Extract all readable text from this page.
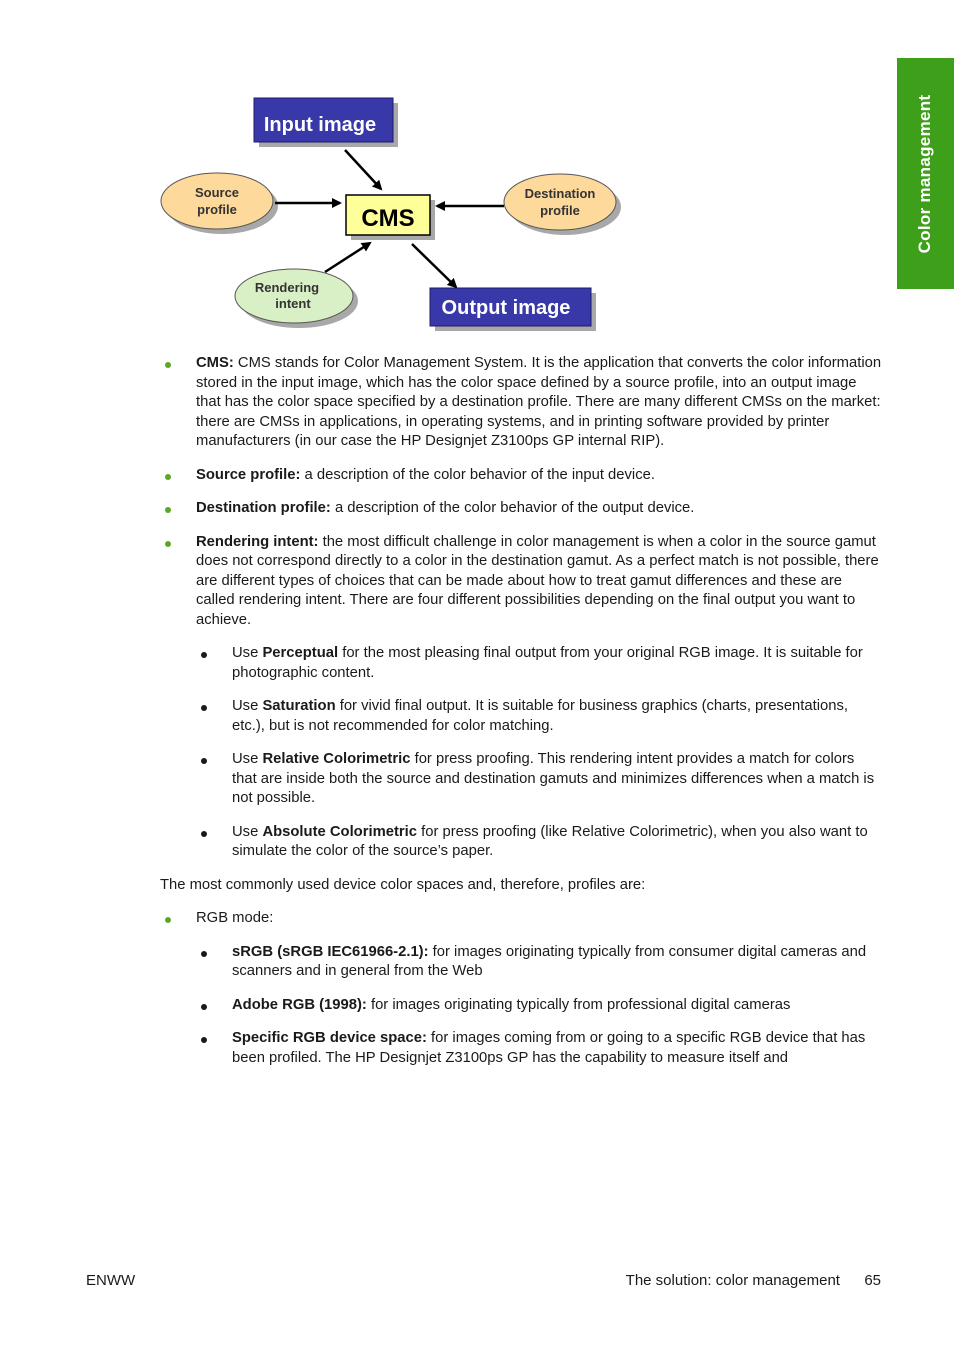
Color management
Input image
Output image
CMS
Source
profile
Destination
profile
Rendering
intent
CMS: CMS stands for Color Management System. It is the application that converts the color information stored in the input image, which has the color space defined by a source profile, into an output image that has the color space specified by a destination profile. There are many different CMSs on the market: there are CMSs in applications, in operating systems, and in printing software provided by printer manufacturers (in our case the HP Designjet Z3100ps GP internal RIP).
Source profile: a description of the color behavior of the input device.
Destination profile: a description of the color behavior of the output device.
Rendering intent: the most difficult challenge in color management is when a color in the source gamut does not correspond directly to a color in the destination gamut. As a perfect match is not possible, there are different types of choices that can be made about how to treat gamut differences and these are called rendering intent. There are four different possibilities depending on the final output you want to achieve.
Use Perceptual for the most pleasing final output from your original RGB image. It is suitable for photographic content.
Use Saturation for vivid final output. It is suitable for business graphics (charts, presentations, etc.), but is not recommended for color matching.
Use Relative Colorimetric for press proofing. This rendering intent provides a match for colors that are inside both the source and destination gamuts and minimizes differences when a match is not possible.
Use Absolute Colorimetric for press proofing (like Relative Colorimetric), when you also want to simulate the color of the source’s paper.

The most commonly used device color spaces and, therefore, profiles are:

RGB mode:
sRGB (sRGB IEC61966-2.1): for images originating typically from consumer digital cameras and scanners and in general from the Web
Adobe RGB (1998): for images originating typically from professional digital cameras
Specific RGB device space: for images coming from or going to a specific RGB device that has been profiled. The HP Designjet Z3100ps GP has the capability to measure itself and
ENWW	The solution: color management 65
